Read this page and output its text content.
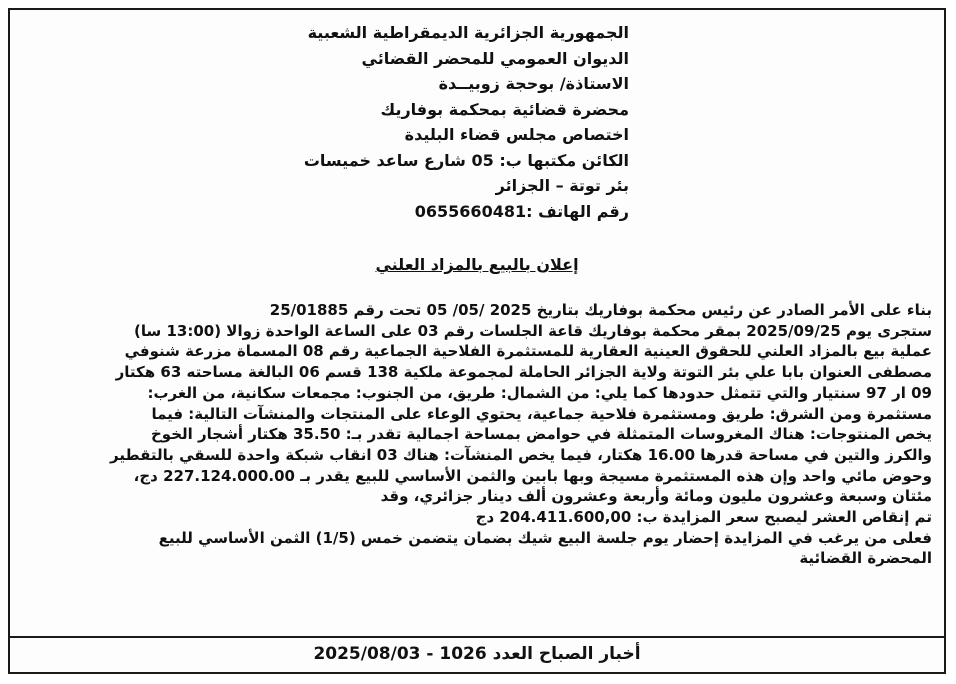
الجمهورية الجزائرية الديمقراطية الشعبية
الديوان العمومي للمحضر القضائي
الاستاذة/ بوحجة زوبيــدة
محضرة قضائية بمحكمة بوفاريك
اختصاص مجلس قضاء البليدة
الكائن مكتبها ب: 05 شارع ساعد خميسات
بئر توتة – الجزائر
رقم الهاتف :0655660481
إعلان بالبيع بالمزاد العلني
بناء على الأمر الصادر عن رئيس محكمة بوفاريك بتاريخ 2025 /05/ 05 تحت رقم 25/01885
ستجرى يوم 2025/09/25 بمقر محكمة بوفاريك قاعة الجلسات رقم 03 على الساعة الواحدة زوالا (13:00 سا)
عملية بيع بالمزاد العلني للحقوق العينية العقارية للمستثمرة الفلاحية الجماعية رقم 08 المسماة مزرعة شنوفي
مصطفى العنوان بابا علي بئر التوتة ولاية الجزائر الحاملة لمجموعة ملكية 138 قسم 06 البالغة مساحته 63 هكتار
09 ار 97 سنتيار والتي تتمثل حدودها كما يلي: من الشمال: طريق، من الجنوب: مجمعات سكانية، من الغرب:
مستثمرة ومن الشرق: طريق ومستثمرة فلاحية جماعية، يحتوي الوعاء على المنتجات والمنشآت التالية: فيما
يخص المنتوجات: هناك المغروسات المتمثلة في حوامض بمساحة اجمالية تقدر بـ: 35.50 هكتار أشجار الخوخ
والكرز والتين في مساحة قدرها 16.00 هكتار، فيما يخص المنشآت: هناك 03 انقاب شبكة واحدة للسقي بالتقطير
وحوض مائي واحد وإن هذه المستثمرة مسيجة وبها بابين والثمن الأساسي للبيع يقدر بـ 227.124.000.00 دج،
مئتان وسبعة وعشرون مليون ومائة وأربعة وعشرون ألف دينار جزائري، وقد
تم إنقاص العشر ليصبح سعر المزايدة ب: 204.411.600,00 دج
فعلى من يرغب في المزايدة إحضار يوم جلسة البيع شيك بضمان يتضمن خمس (1/5) الثمن الأساسي للبيع
المحضرة القضائية
أخبار الصباح العدد 1026 - 2025/08/03
